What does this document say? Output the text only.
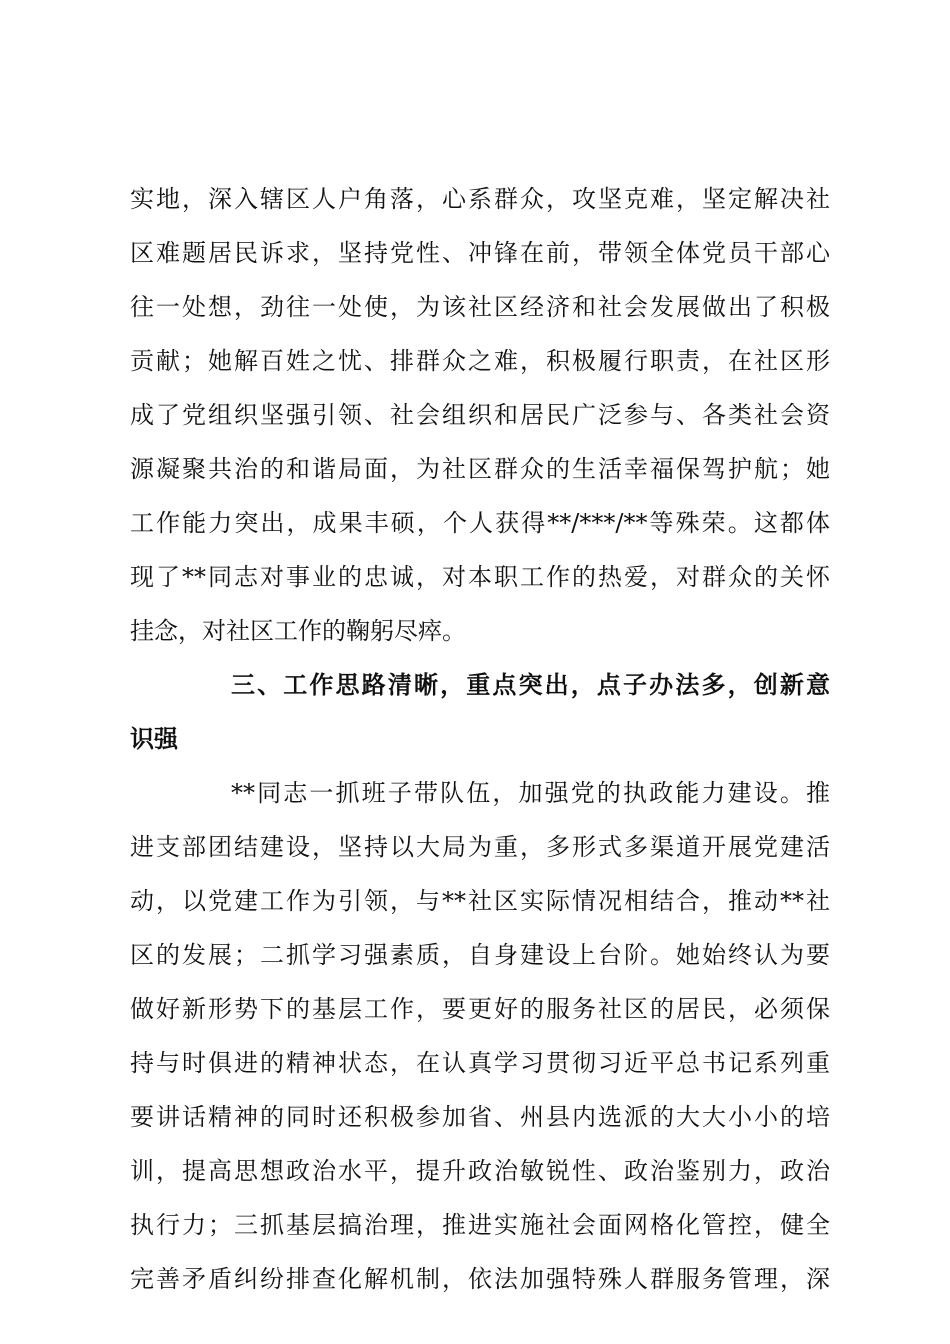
实地，深入辖区人户角落，心系群众，攻坚克难，坚定解决社
区难题居民诉求，坚持党性、冲锋在前，带领全体党员干部心
往一处想，劲往一处使，为该社区经济和社会发展做出了积极
贡献；她解百姓之忧、排群众之难，积极履行职责，在社区形
成了党组织坚强引领、社会组织和居民广泛参与、各类社会资
源凝聚共治的和谐局面，为社区群众的生活幸福保驾护航；她
工作能力突出，成果丰硕，个人获得**/***/**等殊荣。这都体
现了**同志对事业的忠诚，对本职工作的热爱，对群众的关怀
挂念，对社区工作的鞠躬尽瘁。
三、工作思路清晰，重点突出，点子办法多，创新意
识强
**同志一抓班子带队伍，加强党的执政能力建设。推
进支部团结建设，坚持以大局为重，多形式多渠道开展党建活
动，以党建工作为引领，与**社区实际情况相结合，推动**社
区的发展；二抓学习强素质，自身建设上台阶。她始终认为要
做好新形势下的基层工作，要更好的服务社区的居民，必须保
持与时俱进的精神状态，在认真学习贯彻习近平总书记系列重
要讲话精神的同时还积极参加省、州县内选派的大大小小的培
训，提高思想政治水平，提升政治敏锐性、政治鉴别力，政治
执行力；三抓基层搞治理，推进实施社会面网格化管控，健全
完善矛盾纠纷排查化解机制，依法加强特殊人群服务管理，深
